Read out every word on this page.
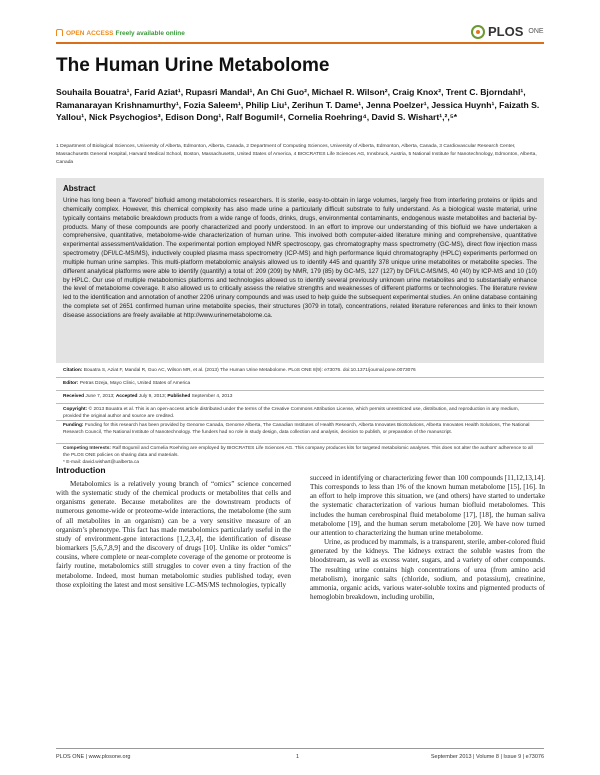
OPEN ACCESS Freely available online	PLOS ONE
The Human Urine Metabolome
Souhaila Bouatra¹, Farid Aziat¹, Rupasri Mandal¹, An Chi Guo², Michael R. Wilson², Craig Knox², Trent C. Bjorndahl¹, Ramanarayan Krishnamurthy¹, Fozia Saleem¹, Philip Liu¹, Zerihun T. Dame¹, Jenna Poelzer¹, Jessica Huynh¹, Faizath S. Yallou¹, Nick Psychogios³, Edison Dong¹, Ralf Bogumil⁴, Cornelia Roehring⁴, David S. Wishart¹,²,⁵*
1 Department of Biological Sciences, University of Alberta, Edmonton, Alberta, Canada, 2 Department of Computing Sciences, University of Alberta, Edmonton, Alberta, Canada, 3 Cardiovascular Research Center, Massachusetts General Hospital, Harvard Medical School, Boston, Massachusetts, United States of America, 4 BIOCRATES Life Sciences AG, Innsbruck, Austria, 5 National Institute for Nanotechnology, Edmonton, Alberta, Canada
Abstract
Urine has long been a “favored” biofluid among metabolomics researchers. It is sterile, easy-to-obtain in large volumes, largely free from interfering proteins or lipids and chemically complex. However, this chemical complexity has also made urine a particularly difficult substrate to fully understand. As a biological waste material, urine typically contains metabolic breakdown products from a wide range of foods, drinks, drugs, environmental contaminants, endogenous waste metabolites and bacterial by-products. Many of these compounds are poorly characterized and poorly understood. In an effort to improve our understanding of this biofluid we have undertaken a comprehensive, quantitative, metabolome-wide characterization of human urine. This involved both computer-aided literature mining and comprehensive, quantitative experimental assessment/validation. The experimental portion employed NMR spectroscopy, gas chromatography mass spectrometry (GC-MS), direct flow injection mass spectrometry (DFI/LC-MS/MS), inductively coupled plasma mass spectrometry (ICP-MS) and high performance liquid chromatography (HPLC) experiments performed on multiple human urine samples. This multi-platform metabolomic analysis allowed us to identify 445 and quantify 378 unique urine metabolites or metabolite species. The different analytical platforms were able to identify (quantify) a total of: 209 (209) by NMR, 179 (85) by GC-MS, 127 (127) by DFI/LC-MS/MS, 40 (40) by ICP-MS and 10 (10) by HPLC. Our use of multiple metabolomics platforms and technologies allowed us to identify several previously unknown urine metabolites and to substantially enhance the level of metabolome coverage. It also allowed us to critically assess the relative strengths and weaknesses of different platforms or technologies. The literature review led to the identification and annotation of another 2206 urinary compounds and was used to help guide the subsequent experimental studies. An online database containing the complete set of 2651 confirmed human urine metabolite species, their structures (3079 in total), concentrations, related literature references and links to their known disease associations are freely available at http://www.urinemetabolome.ca.
Citation: Bouatra S, Aziat F, Mandal R, Guo AC, Wilson MR, et al. (2013) The Human Urine Metabolome. PLoS ONE 8(9): e73076. doi:10.1371/journal.pone.0073076
Editor: Petras Dzeja, Mayo Clinic, United States of America
Received June 7, 2013; Accepted July 9, 2013; Published September 4, 2013
Copyright: © 2013 Bouatra et al. This is an open-access article distributed under the terms of the Creative Commons Attribution License, which permits unrestricted use, distribution, and reproduction in any medium, provided the original author and source are credited.
Funding: Funding for this research has been provided by Genome Canada, Genome Alberta, The Canadian Institutes of Health Research, Alberta Innovates BioSolutions, Alberta Innovates Health Solutions, The National Research Council, The National Institute of Nanotechnology. The funders had no role in study design, data collection and analysis, decision to publish, or preparation of the manuscript.
Introduction
Metabolomics is a relatively young branch of “omics” science concerned with the systematic study of the chemical products or metabolites that cells and organisms generate. Because metabolites are the downstream products of numerous genome-wide or proteome-wide interactions, the metabolome (the sum of all metabolites in an organism) can be a very sensitive measure of an organism’s phenotype. This fact has made metabolomics particularly useful in the study of environment-gene interactions [1,2,3,4], the identification of disease biomarkers [5,6,7,8,9] and the discovery of drugs [10]. Unlike its older “omics” cousins, where complete or near-complete coverage of the genome or proteome is fairly routine, metabolomics still struggles to cover even a tiny fraction of the metabolome. Indeed, most human metabolomic studies published today, even those exploiting the latest and most sensitive LC-MS/MS technologies, typically

succeed in identifying or characterizing fewer than 100 compounds [11,12,13,14]. This corresponds to less than 1% of the known human metabolome [15], [16]. In an effort to help improve this situation, we (and others) have started to undertake the systematic characterization of various human biofluid metabolomes. This includes the human cerebrospinal fluid metabolome [17], [18], the human saliva metabolome [19], and the human serum metabolome [20]. We have now turned our attention to characterizing the human urine metabolome.

Urine, as produced by mammals, is a transparent, sterile, amber-colored fluid generated by the kidneys. The kidneys extract the soluble wastes from the bloodstream, as well as excess water, sugars, and a variety of other compounds. The resulting urine contains high concentrations of urea (from amino acid metabolism), inorganic salts (chloride, sodium, and potassium), creatinine, ammonia, organic acids, various water-soluble toxins and pigmented products of hemoglobin breakdown, including urobilin,

PLOS ONE | www.plosone.org	1	September 2013 | Volume 8 | Issue 9 | e73076
Competing Interests: Ralf Bogumil and Cornelia Roehring are employed by BIOCRATES Life Sciences AG. This company produces kits for targeted metabolomic analyses. This does not alter the authors' adherence to all the PLOS ONE policies on sharing data and materials.
* E-mail: david.wishart@ualberta.ca
